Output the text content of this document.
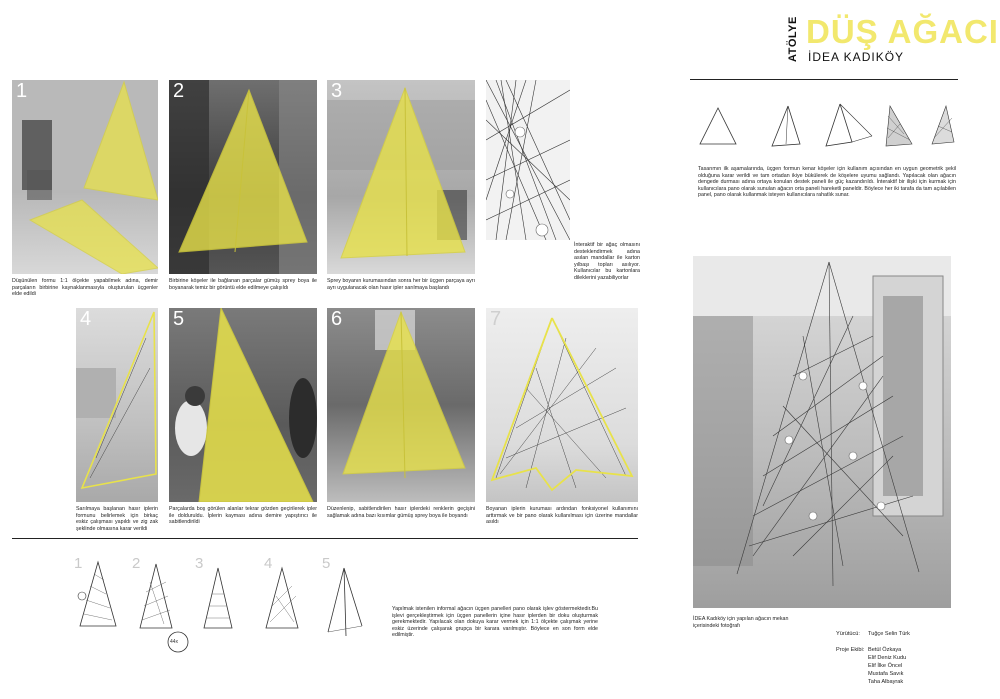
ATÖLYE DÜŞ AĞACI
İDEA KADIKÖY
1
Düşünülen formu 1:1 ölçekte yapabilmek adına, demir parçaların birbirine kaynaklanmasıyla oluşturulan üçgenler elde edildi
2
Birbirine köşeler ile bağlanan parçalar gümüş sprey boya ile boyanarak temiz bir görüntü elde edilmeye çalışıldı
3
Sprey boyanın kurumasından sonra her bir üçgen parçaya ayrı ayrı uygulanacak olan hasır ipler sarılmaya başlandı
İnteraktif bir ağaç olmasını desteklendirmek adına asılan mandallar ile karton yılbaşı topları asılıyor. Kullanıcılar bu kartonlara dileklerini yazabiliyorlar
4
Sarılmaya başlanan hasır iplerin formunu belirlemek için birkaç eskiz çalışması yapıldı ve zig zak şeklinde olmasına karar verildi
5
Parçalarda boş görülen alanlar tekrar gözden geçirilerek ipler ile dolduruldu. İplerin kayması adına demire yapıştırıcı ile sabitlendirildi
6
Düzenlenip, sabitlendirilen hasır iplerdeki renklerin geçişini sağlamak adına bazı kısımlar gümüş sprey boya ile boyandı
7
Boyanan iplerin kuruması ardından fonksiyonel kullanımını arttırmak ve bir pano olarak kullanılması için üzerine mandallar asıldı
1	2	3	4	5
44x
Yapılmak istenilen informal ağacın üçgen panelleri pano olarak işlev göstermektedir.Bu işlevi gerçekleştirmek için üçgen panellerin içine hasır iplerden bir doku oluşturmak gerekmektedir. Yapılacak olan dokuya karar vermek için 1:1 ölçekte çalışmak yerine eskiz üzerinde çalışarak grupça bir karara varılmıştır. Böylece en son form elde edilmiştir.
Tasarımın ilk aşamalarında, üçgen formun kenar köşeler için kullanım açısından en uygun geometrik şekil olduğuna karar verildi ve tam ortadan ikiye bükülerek de köşelere uyumu sağlandı. Yapılacak olan ağacın dengede durması adına ortaya konulan destek paneli ile güç kazandırıldı. İnteraktif bir ilişki için kurmak için kullanıcılara pano olarak sunulan ağacın orta paneli hareketli paneldir. Böylece her iki tarafa da tam açılabilen panel, pano olarak kullanmak isteyen kullanıcılara rahatlık sunar.
İDEA Kadıköy için yapılan ağacın mekan içerisindeki fotoğrafı
Yürütücü: Tuğçe Selin Türk
Proje Ekibi: Betül Özkaya
Elif Deniz Kudu
Elif İlke Öncel
Mustafa Savık
Taha Albayrak
